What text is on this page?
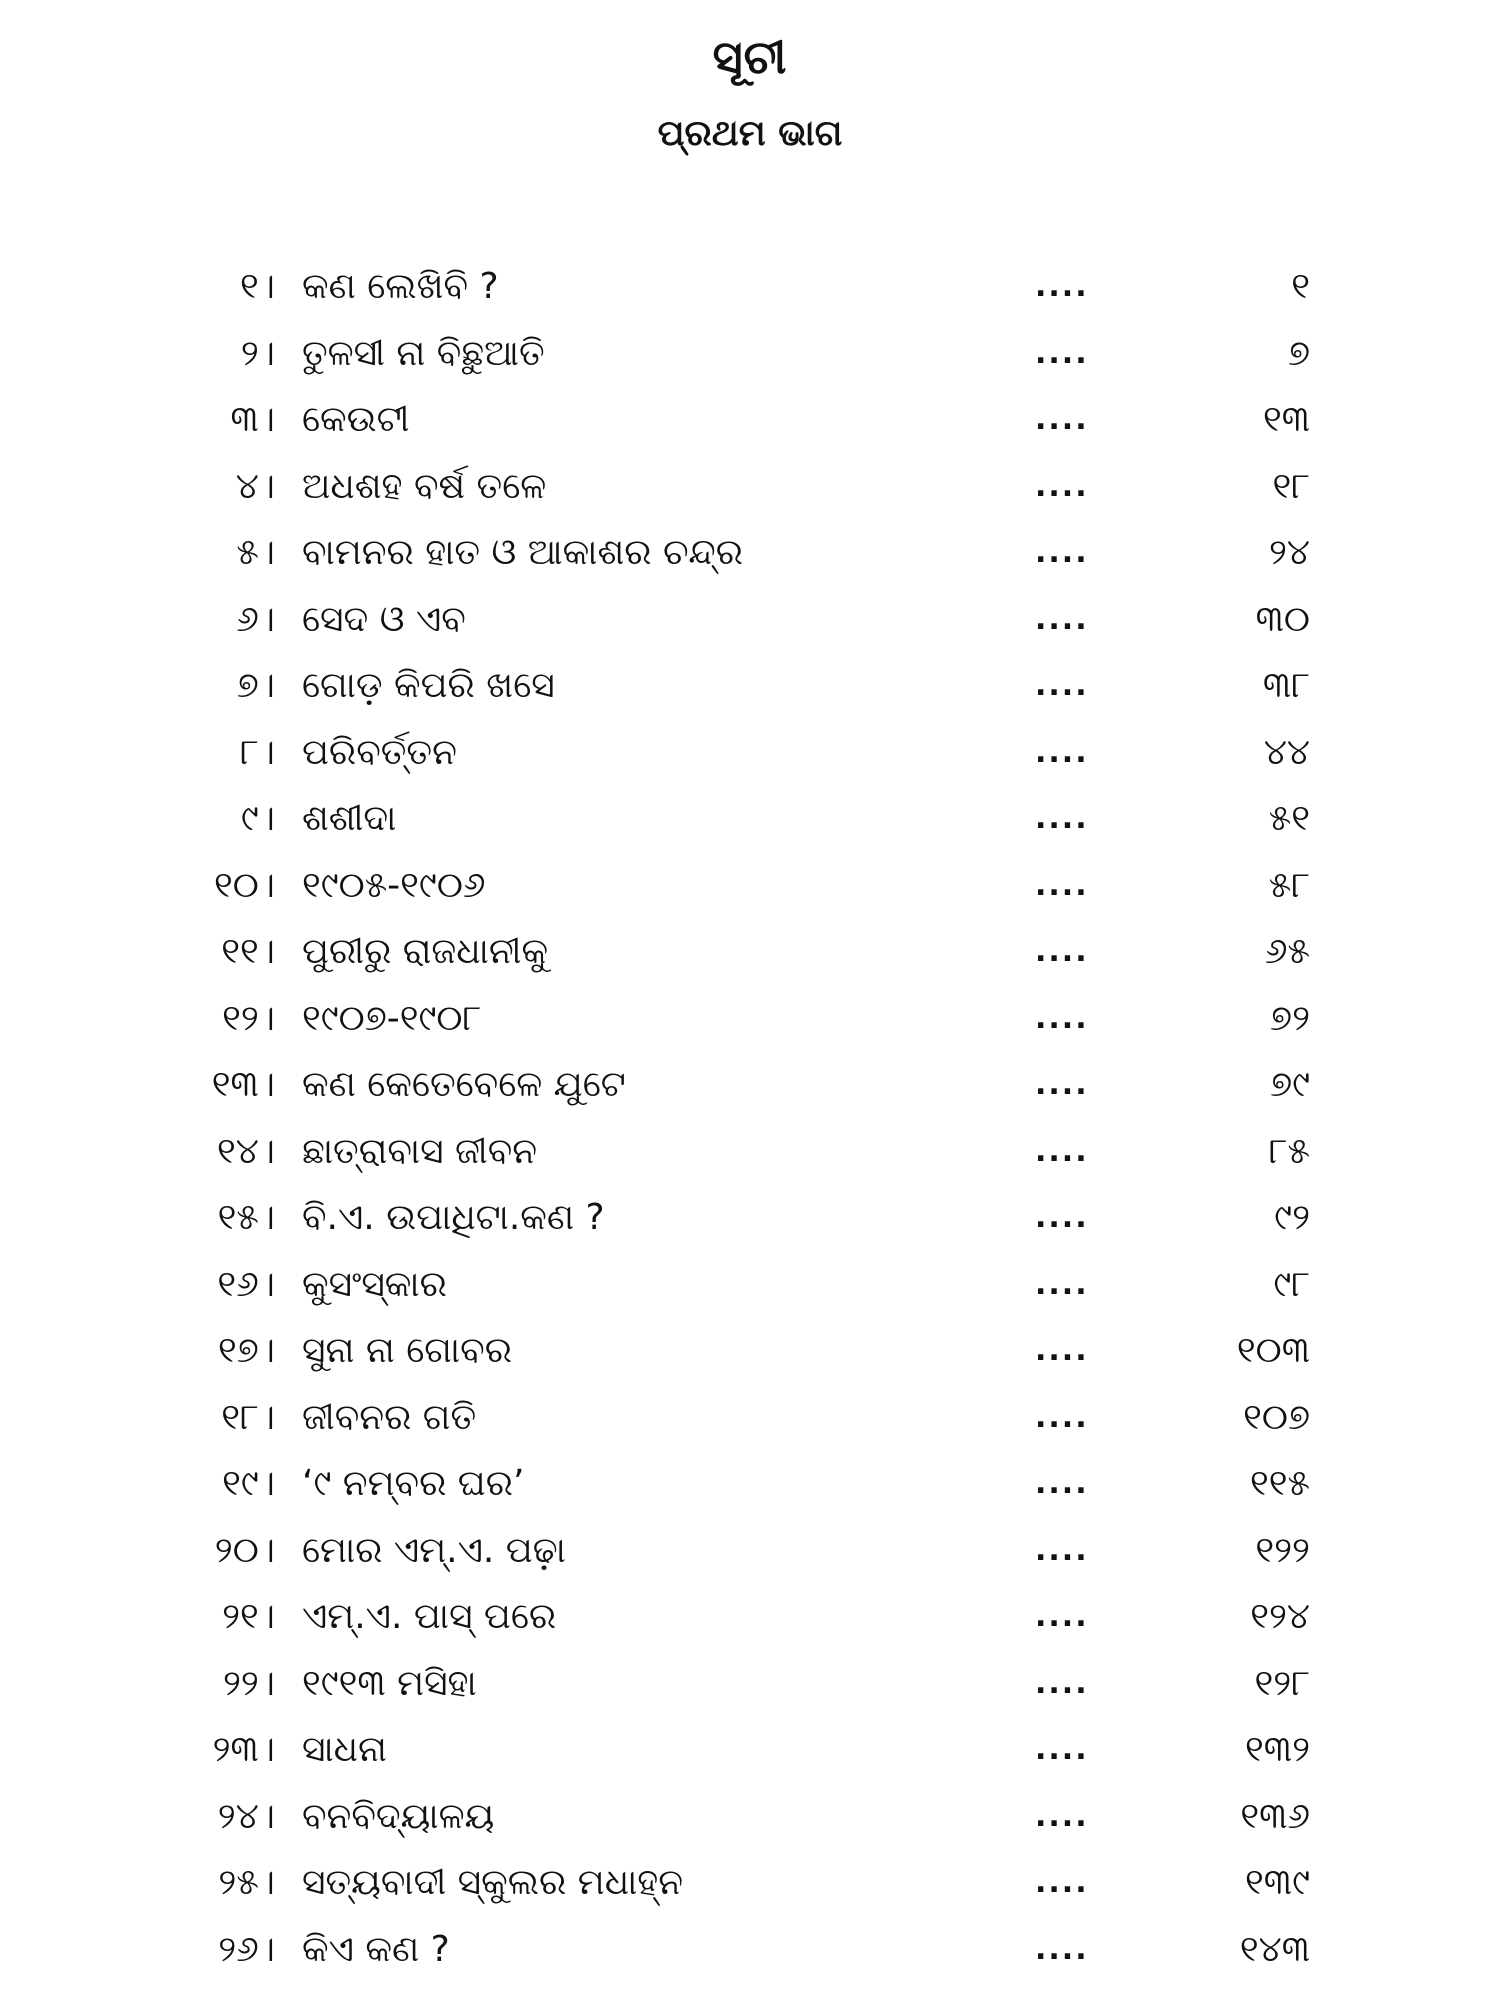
ସୂଚୀ
ପ୍ରଥମ ଭାଗ
୧। କଣ ଲେଖିବି ?	....	୧
୨। ତୁଳସୀ ନା ବିଛୁଆତି	....	୭
୩। କେଉଟୀ	....	୧୩
୪। ଅଧଶହ ବର୍ଷ ତଳେ	....	୧୮
୫। ବାମନର ହାତ ଓ ଆକାଶର ଚନ୍ଦ୍ର	....	୨୪
୬। ସେଦ ଓ ଏବ	....	୩୦
୭। ଗୋଡ଼ କିପରି ଖସେ	....	୩୮
୮। ପରିବର୍ତ୍ତନ	....	୪୪
୯। ଶଶୀଦା	....	୫୧
୧୦। ୧୯୦୫-୧୯୦୬	....	୫୮
୧୧। ପୁରୀରୁ ରାଜଧାନୀକୁ	....	୬୫
୧୨। ୧୯୦୭-୧୯୦୮	....	୭୨
୧୩। କଣ କେତେବେଳେ ଯୁଟେ	....	୭୯
୧୪। ଛାତ୍ରାବାସ ଜୀବନ	....	୮୫
୧୫। ବି.ଏ. ଉପାଧିଟା.କଣ ?	....	୯୨
୧୬। କୁସଂସ୍କାର	....	୯୮
୧୭। ସୁନା ନା ଗୋବର	....	୧୦୩
୧୮। ଜୀବନର ଗତି	....	୧୦୭
୧୯। ‘୯ ନମ୍ବର ଘର’	....	୧୧୫
୨୦। ମୋର ଏମ୍.ଏ. ପଢ଼ା	....	୧୨୨
୨୧। ଏମ୍.ଏ. ପାସ୍ ପରେ	....	୧୨୪
୨୨। ୧୯୧୩ ମସିହା	....	୧୨୮
୨୩। ସାଧନା	....	୧୩୨
୨୪। ବନବିଦ୍ୟାଳୟ	....	୧୩୬
୨୫। ସତ୍ୟବାଦୀ ସ୍କୁଲର ମଧାହ୍ନ	....	୧୩୯
୨୬। କିଏ କଣ ?	....	୧୪୩
